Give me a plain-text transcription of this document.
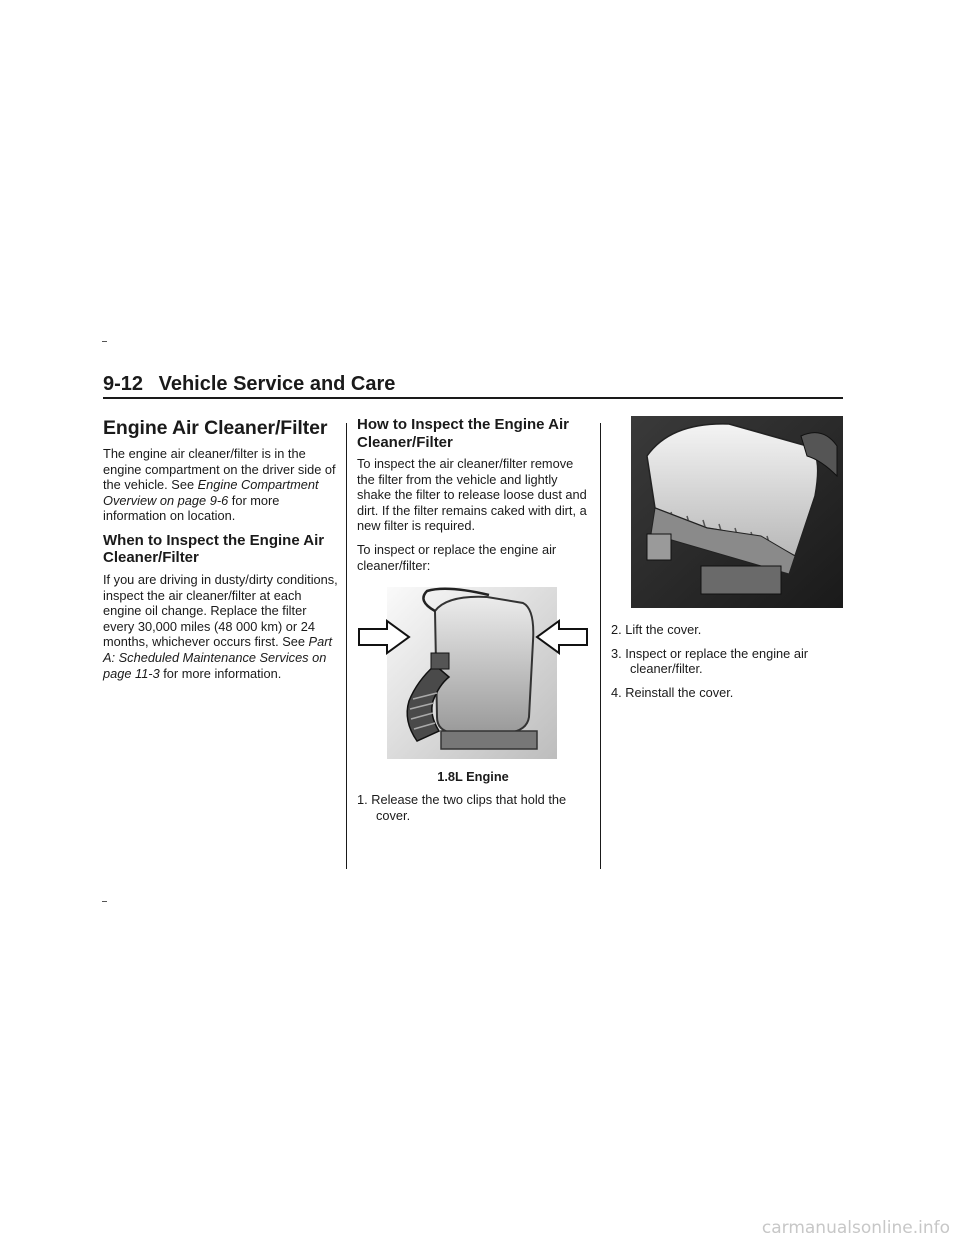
9-12 Vehicle Service and Care
Engine Air Cleaner/Filter

The engine air cleaner/filter is in the engine compartment on the driver side of the vehicle. See Engine Compartment Overview on page 9-6 for more information on location.

When to Inspect the Engine Air Cleaner/Filter

If you are driving in dusty/dirty conditions, inspect the air cleaner/filter at each engine oil change. Replace the filter every 30,000 miles (48 000 km) or 24 months, whichever occurs first. See Part A: Scheduled Maintenance Services on page 11-3 for more information.

How to Inspect the Engine Air Cleaner/Filter

To inspect the air cleaner/filter remove the filter from the vehicle and lightly shake the filter to release loose dust and dirt. If the filter remains caked with dirt, a new filter is required.

To inspect or replace the engine air cleaner/filter:

1.8L Engine
1. Release the two clips that hold the cover.
2. Lift the cover.
3. Inspect or replace the engine air cleaner/filter.
4. Reinstall the cover.
carmanualsonline.info
